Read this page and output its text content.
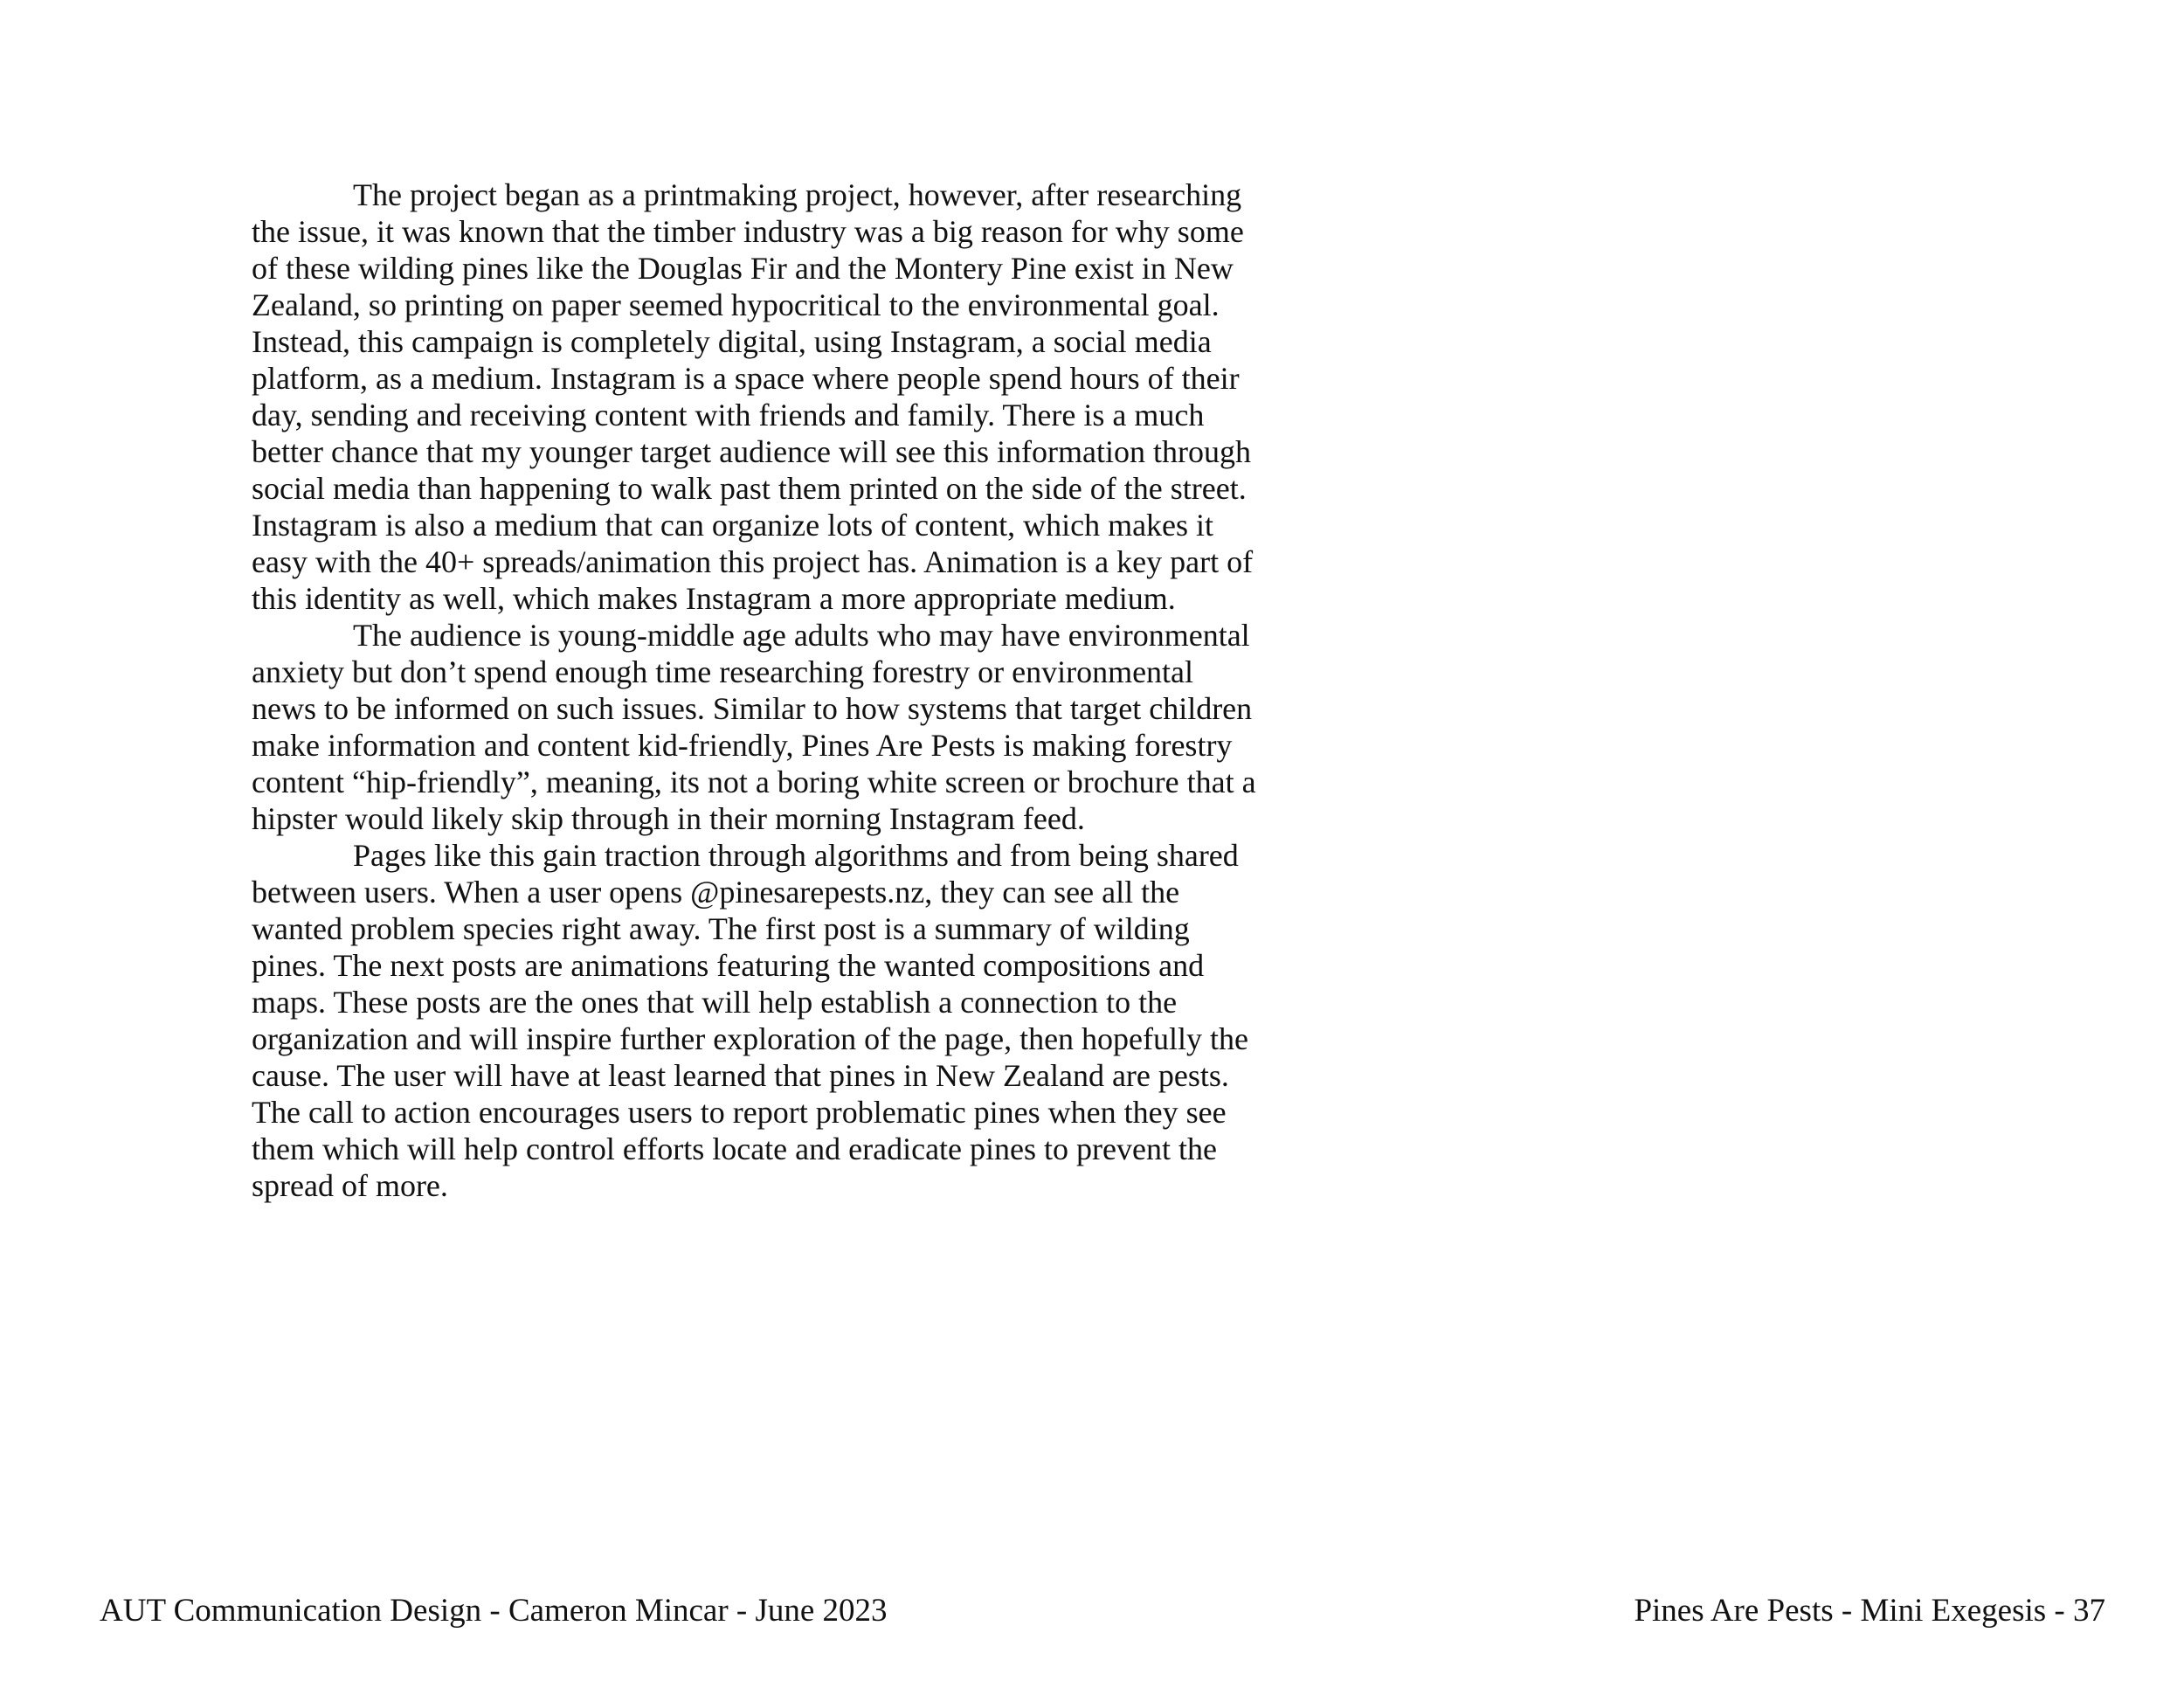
The project began as a printmaking project, however, after researching the issue, it was known that the timber industry was a big reason for why some of these wilding pines like the Douglas Fir and the Montery Pine exist in New Zealand, so printing on paper seemed hypocritical to the environmental goal. Instead, this campaign is completely digital, using Instagram, a social media platform, as a medium. Instagram is a space where people spend hours of their day, sending and receiving content with friends and family. There is a much better chance that my younger target audience will see this information through social media than happening to walk past them printed on the side of the street. Instagram is also a medium that can organize lots of content, which makes it easy with the 40+ spreads/animation this project has. Animation is a key part of this identity as well, which makes Instagram a more appropriate medium.

The audience is young-middle age adults who may have environmental anxiety but don’t spend enough time researching forestry or environmental news to be informed on such issues. Similar to how systems that target children make information and content kid-friendly, Pines Are Pests is making forestry content “hip-friendly”, meaning, its not a boring white screen or brochure that a hipster would likely skip through in their morning Instagram feed.

Pages like this gain traction through algorithms and from being shared between users. When a user opens @pinesarepests.nz, they can see all the wanted problem species right away. The first post is a summary of wilding pines. The next posts are animations featuring the wanted compositions and maps. These posts are the ones that will help establish a connection to the organization and will inspire further exploration of the page, then hopefully the cause. The user will have at least learned that pines in New Zealand are pests. The call to action encourages users to report problematic pines when they see them which will help control efforts locate and eradicate pines to prevent the spread of more.

AUT Communication Design - Cameron Mincar - June 2023	Pines Are Pests - Mini Exegesis - 37
